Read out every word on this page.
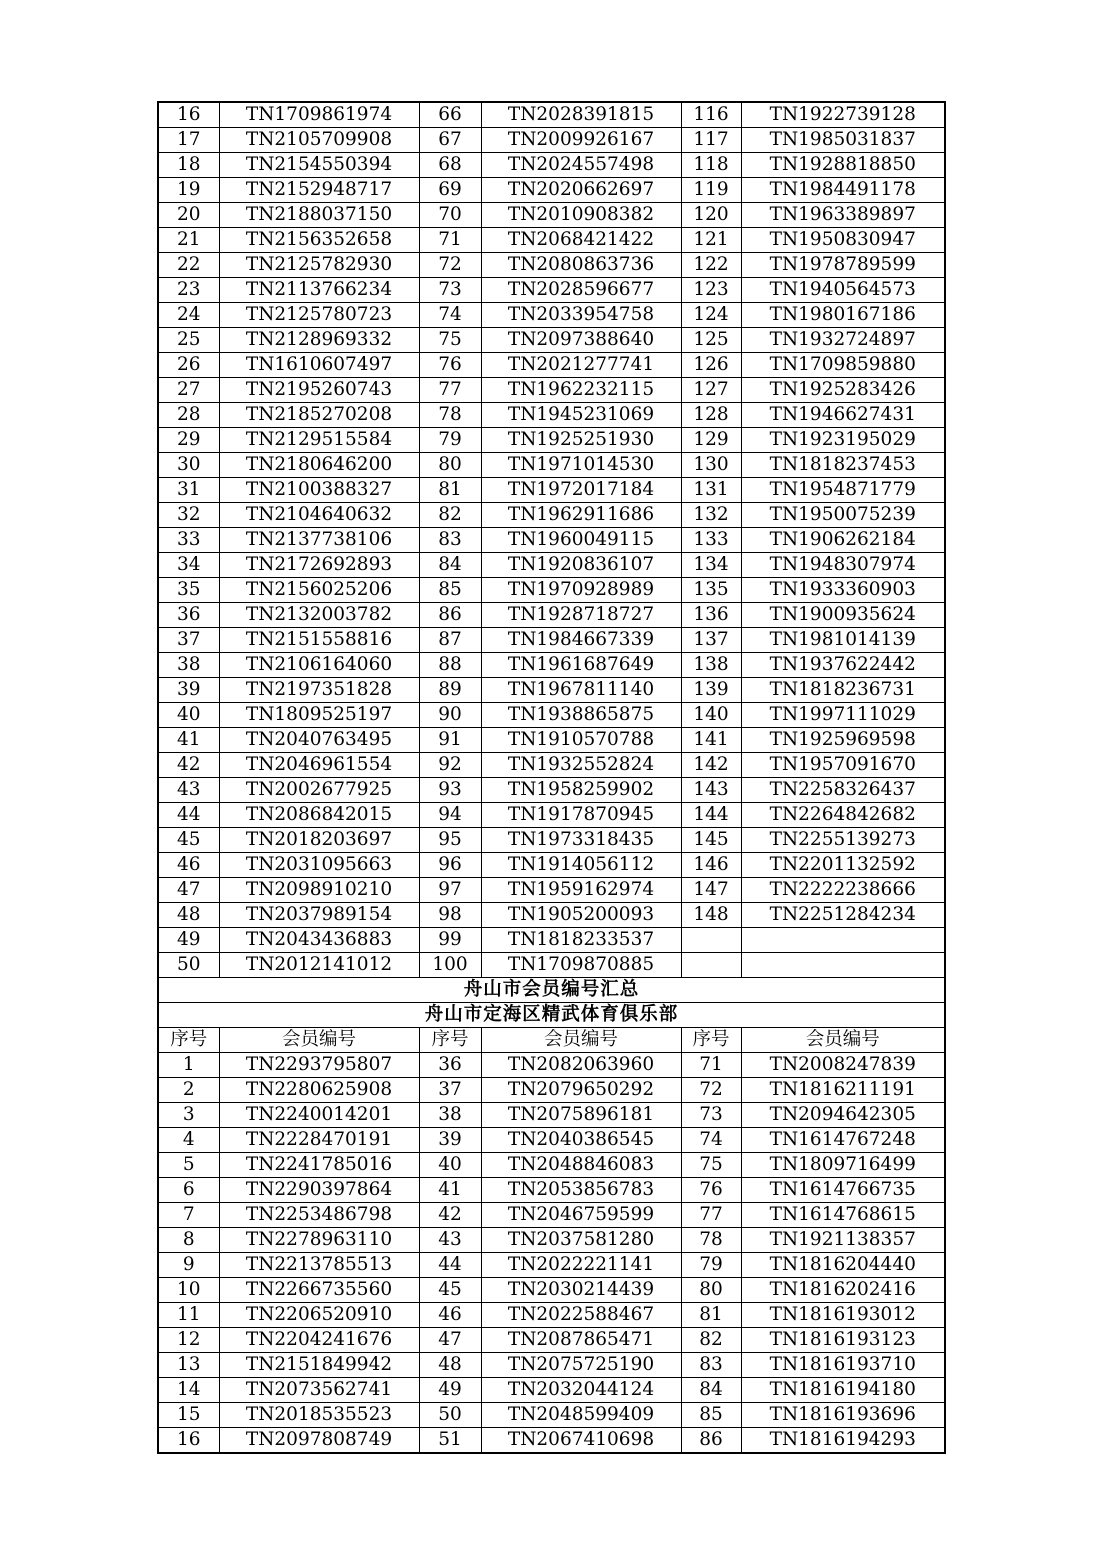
16	TN1709861974	66	TN2028391815	116	TN1922739128
17	TN2105709908	67	TN2009926167	117	TN1985031837
18	TN2154550394	68	TN2024557498	118	TN1928818850
19	TN2152948717	69	TN2020662697	119	TN1984491178
20	TN2188037150	70	TN2010908382	120	TN1963389897
21	TN2156352658	71	TN2068421422	121	TN1950830947
22	TN2125782930	72	TN2080863736	122	TN1978789599
23	TN2113766234	73	TN2028596677	123	TN1940564573
24	TN2125780723	74	TN2033954758	124	TN1980167186
25	TN2128969332	75	TN2097388640	125	TN1932724897
26	TN1610607497	76	TN2021277741	126	TN1709859880
27	TN2195260743	77	TN1962232115	127	TN1925283426
28	TN2185270208	78	TN1945231069	128	TN1946627431
29	TN2129515584	79	TN1925251930	129	TN1923195029
30	TN2180646200	80	TN1971014530	130	TN1818237453
31	TN2100388327	81	TN1972017184	131	TN1954871779
32	TN2104640632	82	TN1962911686	132	TN1950075239
33	TN2137738106	83	TN1960049115	133	TN1906262184
34	TN2172692893	84	TN1920836107	134	TN1948307974
35	TN2156025206	85	TN1970928989	135	TN1933360903
36	TN2132003782	86	TN1928718727	136	TN1900935624
37	TN2151558816	87	TN1984667339	137	TN1981014139
38	TN2106164060	88	TN1961687649	138	TN1937622442
39	TN2197351828	89	TN1967811140	139	TN1818236731
40	TN1809525197	90	TN1938865875	140	TN1997111029
41	TN2040763495	91	TN1910570788	141	TN1925969598
42	TN2046961554	92	TN1932552824	142	TN1957091670
43	TN2002677925	93	TN1958259902	143	TN2258326437
44	TN2086842015	94	TN1917870945	144	TN2264842682
45	TN2018203697	95	TN1973318435	145	TN2255139273
46	TN2031095663	96	TN1914056112	146	TN2201132592
47	TN2098910210	97	TN1959162974	147	TN2222238666
48	TN2037989154	98	TN1905200093	148	TN2251284234
49	TN2043436883	99	TN1818233537		
50	TN2012141012	100	TN1709870885		
舟山市会员编号汇总					
舟山市定海区精武体育俱乐部					
序号	会员编号	序号	会员编号	序号	会员编号
1	TN2293795807	36	TN2082063960	71	TN2008247839
2	TN2280625908	37	TN2079650292	72	TN1816211191
3	TN2240014201	38	TN2075896181	73	TN2094642305
4	TN2228470191	39	TN2040386545	74	TN1614767248
5	TN2241785016	40	TN2048846083	75	TN1809716499
6	TN2290397864	41	TN2053856783	76	TN1614766735
7	TN2253486798	42	TN2046759599	77	TN1614768615
8	TN2278963110	43	TN2037581280	78	TN1921138357
9	TN2213785513	44	TN2022221141	79	TN1816204440
10	TN2266735560	45	TN2030214439	80	TN1816202416
11	TN2206520910	46	TN2022588467	81	TN1816193012
12	TN2204241676	47	TN2087865471	82	TN1816193123
13	TN2151849942	48	TN2075725190	83	TN1816193710
14	TN2073562741	49	TN2032044124	84	TN1816194180
15	TN2018535523	50	TN2048599409	85	TN1816193696
16	TN2097808749	51	TN2067410698	86	TN1816194293
